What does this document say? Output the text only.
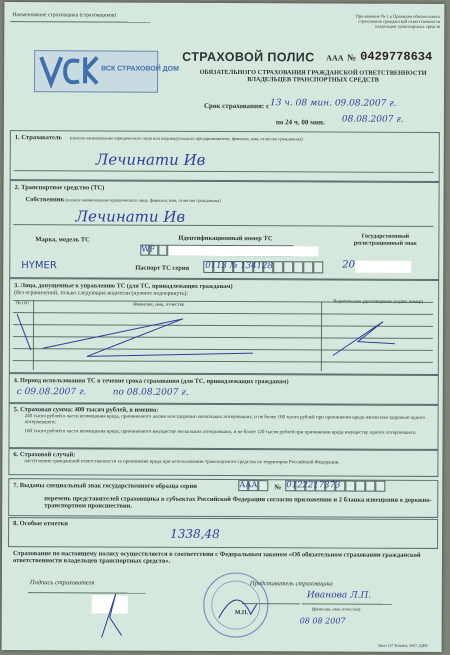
Наименование страховщика (страховщиков)	Приложение № 1 к Правилам обязательного страхования гражданской ответственности владельцев транспортных средств
ВСК СТРАХОВОЙ ДОМ
СТРАХОВОЙ ПОЛИС ААА № 0429778634
ОБЯЗАТЕЛЬНОГО СТРАХОВАНИЯ ГРАЖДАНСКОЙ ОТВЕТСТВЕННОСТИ ВЛАДЕЛЬЦЕВ ТРАНСПОРТНЫХ СРЕДСТВ
Срок страхования: с 13 ч. 08 мин. 09.08.2007 г.
по 24 ч. 00 мин. 08.08.2007 г.
1. Страхователь (полное наименование юридического лица или индивидуального предпринимателя, фамилия, имя, отчество гражданина)
Лечинати Ив
2. Транспортное средство (ТС)
Собственник (полное наименование юридического лица, фамилия, имя, отчество гражданина)
Лечинати Ив
Марка, модель ТС	Идентификационный номер ТС	Государственный регистрационный знак
WF
HYMER	Паспорт ТС серия 0113 № 134128	20
3. Лица, допущенные к управлению ТС (для ТС, принадлежащих гражданам)
(без ограничений, только следующие водители (нужное подчеркнуть):
№ п/п	Фамилия, имя, отчество
Водительское удостоверение (серия, номер)
4. Период использования ТС в течение срока страхования (для ТС, принадлежащих гражданам)
с 09.08.2007 г.	по 08.08.2007 г.
5. Страховая сумма: 400 тысяч рублей, в именно:
240 тысяч рублей в части возмещения вреда, причиненного жизни или здоровью нескольких потерпевших, и не более 160 тысяч рублей при причинении вреда жизни или здоровью одного потерпевшего;
160 тысяч рублей в части возмещения вреда, причиненного имуществу нескольких потерпевших, и не более 120 тысяч рублей при причинении вреда имуществу одного потерпевшего.
6. Страховой случай:
наступление гражданской ответственности за причинение вреда при использовании транспортного средства на территории Российской Федерации.
7. Выданы специальный знак государственного образца серии	ААА № 0122217373
перечень представителей страховщика в субъектах Российской Федерации согласно приложению и 2 бланка извещения о дорожно-транспортном происшествии.
8. Особые отметки
1338,48
Страхование по настоящему полису осуществляется в соответствии с Федеральным законом «Об обязательном страховании гражданской ответственности владельцев транспортных средств».
Подпись страхователя	Представитель страховщика
Иванова Л.П.
(фамилия, имя, отчество)
08 08 2007
М.П.
Заказ 157 Бланки, 2007, ДФП
